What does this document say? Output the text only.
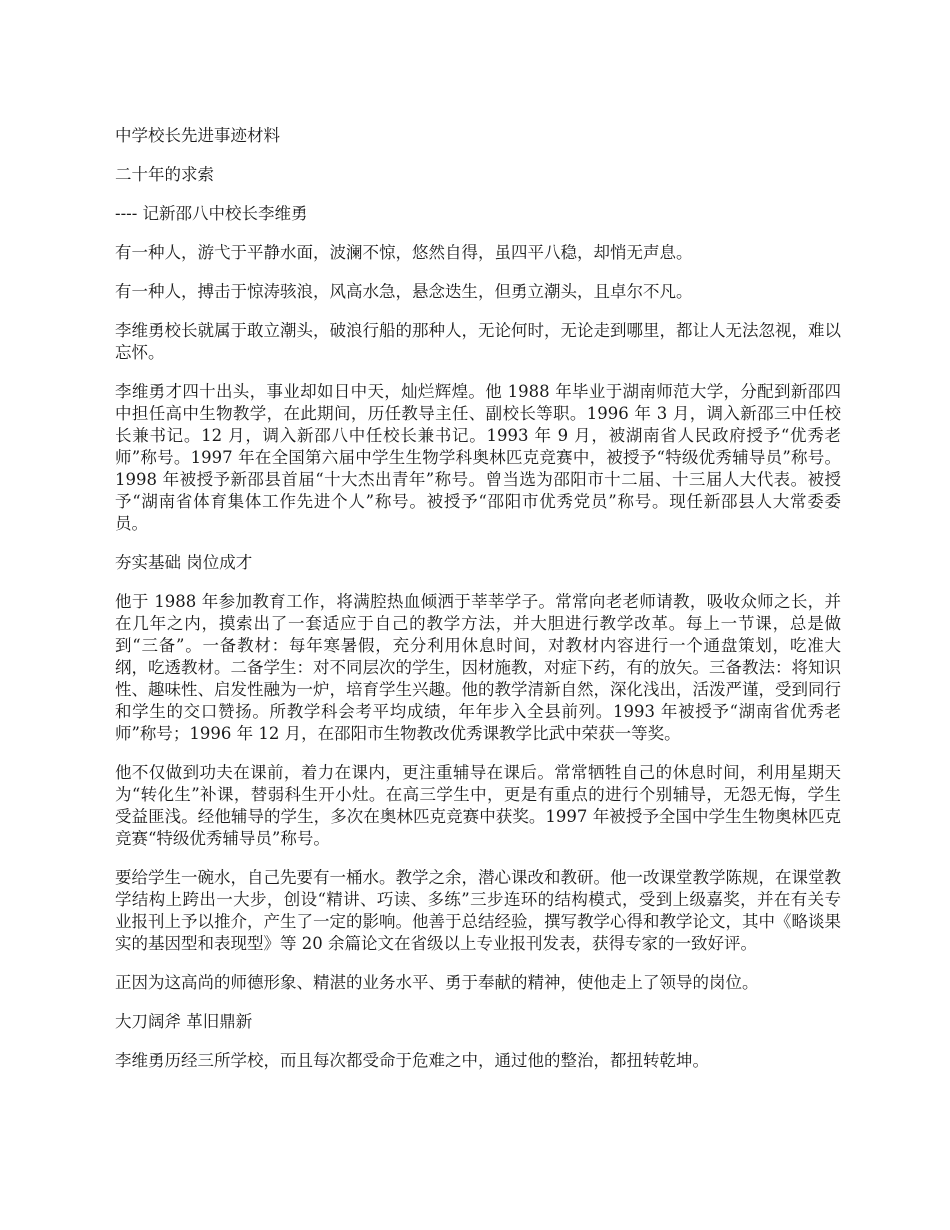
中学校长先进事迹材料

二十年的求索

---- 记新邵八中校长李维勇

有一种人，游弋于平静水面，波澜不惊，悠然自得，虽四平八稳，却悄无声息。

有一种人，搏击于惊涛骇浪，风高水急，悬念迭生，但勇立潮头，且卓尔不凡。

李维勇校长就属于敢立潮头，破浪行船的那种人，无论何时，无论走到哪里，都让人无法忽视，难以忘怀。

李维勇才四十出头，事业却如日中天，灿烂辉煌。他 1988 年毕业于湖南师范大学，分配到新邵四中担任高中生物教学，在此期间，历任教导主任、副校长等职。1996 年 3 月，调入新邵三中任校长兼书记。12 月，调入新邵八中任校长兼书记。1993 年 9 月，被湖南省人民政府授予“优秀老师”称号。1997 年在全国第六届中学生生物学科奥林匹克竞赛中，被授予“特级优秀辅导员”称号。1998 年被授予新邵县首届“十大杰出青年”称号。曾当选为邵阳市十二届、十三届人大代表。被授予“湖南省体育集体工作先进个人”称号。被授予“邵阳市优秀党员”称号。现任新邵县人大常委委员。

夯实基础 岗位成才

他于 1988 年参加教育工作，将满腔热血倾洒于莘莘学子。常常向老老师请教，吸收众师之长，并在几年之内，摸索出了一套适应于自己的教学方法，并大胆进行教学改革。每上一节课，总是做到“三备”。一备教材：每年寒暑假，充分利用休息时间，对教材内容进行一个通盘策划，吃准大纲，吃透教材。二备学生：对不同层次的学生，因材施教，对症下药，有的放矢。三备教法：将知识性、趣味性、启发性融为一炉，培育学生兴趣。他的教学清新自然，深化浅出，活泼严谨，受到同行和学生的交口赞扬。所教学科会考平均成绩，年年步入全县前列。1993 年被授予“湖南省优秀老师”称号；1996 年 12 月，在邵阳市生物教改优秀课教学比武中荣获一等奖。

他不仅做到功夫在课前，着力在课内，更注重辅导在课后。常常牺牲自己的休息时间，利用星期天为“转化生”补课，替弱科生开小灶。在高三学生中，更是有重点的进行个别辅导，无怨无悔，学生受益匪浅。经他辅导的学生，多次在奥林匹克竞赛中获奖。1997 年被授予全国中学生生物奥林匹克竞赛“特级优秀辅导员”称号。

要给学生一碗水，自己先要有一桶水。教学之余，潜心课改和教研。他一改课堂教学陈规，在课堂教学结构上跨出一大步，创设“精讲、巧读、多练”三步连环的结构模式，受到上级嘉奖，并在有关专业报刊上予以推介，产生了一定的影响。他善于总结经验，撰写教学心得和教学论文，其中《略谈果实的基因型和表现型》等 20 余篇论文在省级以上专业报刊发表，获得专家的一致好评。

正因为这高尚的师德形象、精湛的业务水平、勇于奉献的精神，使他走上了领导的岗位。

大刀阔斧 革旧鼎新

李维勇历经三所学校，而且每次都受命于危难之中，通过他的整治，都扭转乾坤。
